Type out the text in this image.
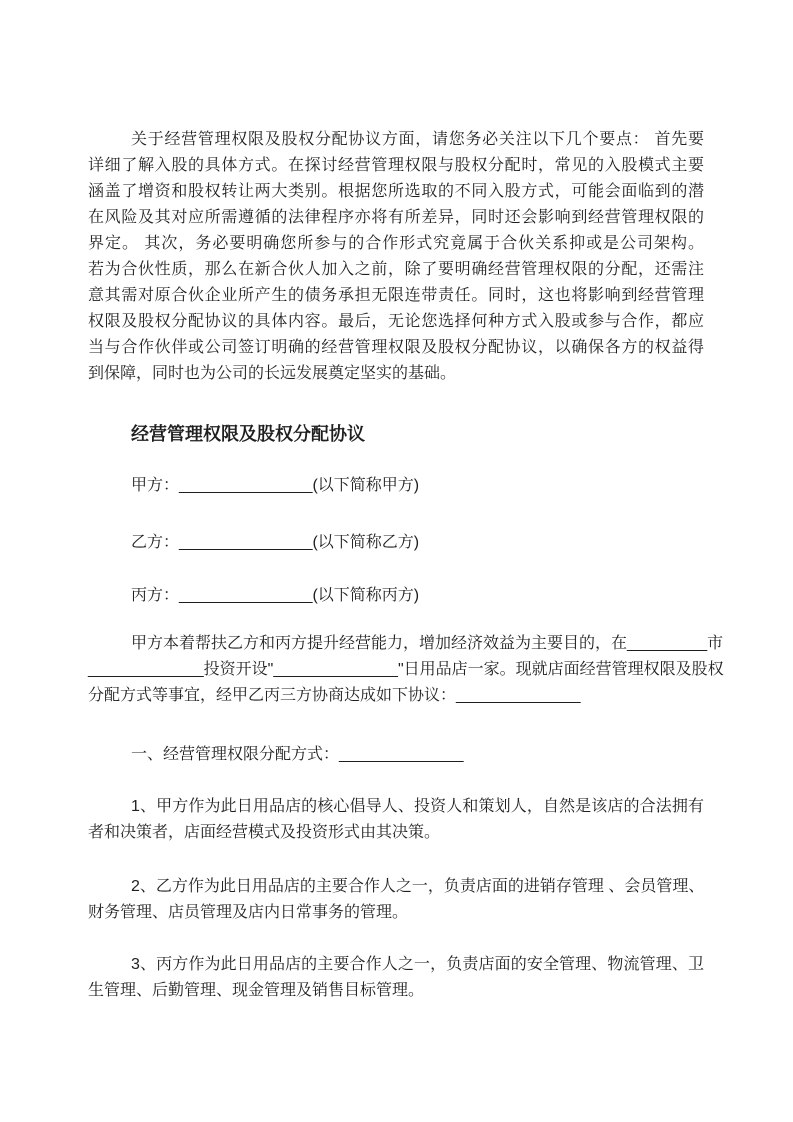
关于经营管理权限及股权分配协议方面，请您务必关注以下几个要点： 首先要
详细了解入股的具体方式。在探讨经营管理权限与股权分配时，常见的入股模式主要
涵盖了增资和股权转让两大类别。根据您所选取的不同入股方式，可能会面临到的潜
在风险及其对应所需遵循的法律程序亦将有所差异，同时还会影响到经营管理权限的
界定。 其次，务必要明确您所参与的合作形式究竟属于合伙关系抑或是公司架构。
若为合伙性质，那么在新合伙人加入之前，除了要明确经营管理权限的分配，还需注
意其需对原合伙企业所产生的债务承担无限连带责任。同时，这也将影响到经营管理
权限及股权分配协议的具体内容。最后，无论您选择何种方式入股或参与合作，都应
当与合作伙伴或公司签订明确的经营管理权限及股权分配协议，以确保各方的权益得
到保障，同时也为公司的长远发展奠定坚实的基础。
经营管理权限及股权分配协议
甲方：_______________(以下简称甲方)
乙方：_______________(以下简称乙方)
丙方：_______________(以下简称丙方)
甲方本着帮扶乙方和丙方提升经营能力，增加经济效益为主要目的，在_________市
_____________投资开设"______________"日用品店一家。现就店面经营管理权限及股权
分配方式等事宜，经甲乙丙三方协商达成如下协议：______________
一、经营管理权限分配方式：______________
1、甲方作为此日用品店的核心倡导人、投资人和策划人，自然是该店的合法拥有
者和决策者，店面经营模式及投资形式由其决策。
2、乙方作为此日用品店的主要合作人之一，负责店面的进销存管理 、会员管理、
财务管理、店员管理及店内日常事务的管理。
3、丙方作为此日用品店的主要合作人之一，负责店面的安全管理、物流管理、卫
生管理、后勤管理、现金管理及销售目标管理。
